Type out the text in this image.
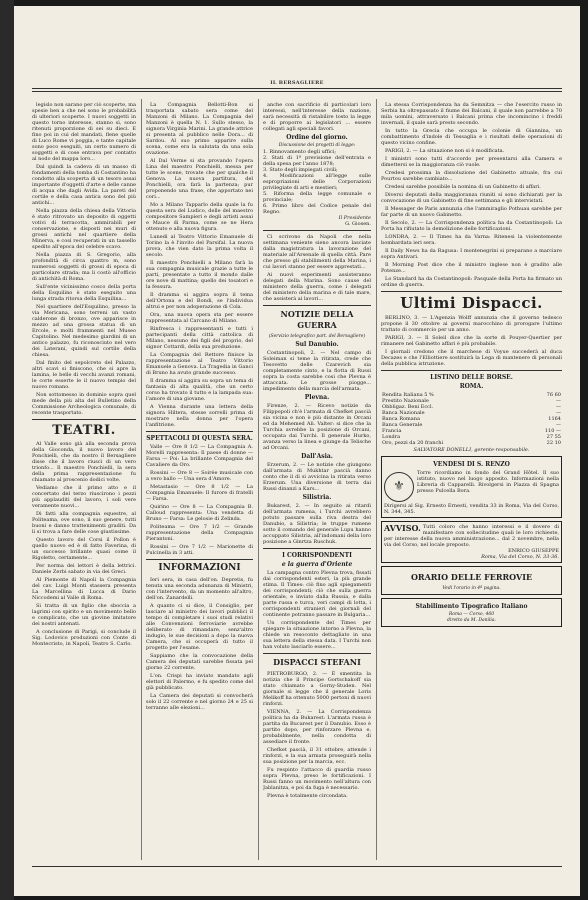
IL BERSAGLIERE

legislo non sarano per ciò scoperte, ma spesie ben a che nel sono le probabilità di ulteriori scoperte. I nuovi soggetti in questo torno interesse, stanno sì, sono ritenuti proporzione di sei su dieci. E fino poi in cui del mandati, flene quelle di Luco Rome vi poggia, e tante capitale sono poco eseguiti, un certo numero di soggetti e di cose entrava per contatto al nodo del mappa loro...

Dal quindi la cadeva di un masso di fondamenti della tomba di Costantino ha condotto alla scoperta di un tesoro assai importante d'oggetti d'arte e delle canne di acqua che dagli Avida. La pareti del cortile e della casa antica sono del più antichi...

Nella piazza della chiesa della Vittoria è stato ritrovato un deposito di oggetti votivi di terracotta, ammirabili per conservazione, e disposti nei muri di grossi antichi nel quartiere della Minerva, e cosi recuperati in un tassello spedito all'epoca del celebre scavo.

Nella piazza di S. Gregorio, alla profondità di circa quattro m, sono numerosi soggetti di grossi di epoca di particolare strada; ma li costò all'officio di antichità di Roma.

Sull'ente vicinissimo cosco della porta della Esquilino è stato eseguito una lunga strada ritorsa della Esquilina...

Nel quartiere dell'Esquilino, presso la via Mericana, sono terreni un vasto calderone di bronzo, ove apparisce in mezzo ad una grossa statua di un Ercole, e molti frammenti nel Museo Capitolino. Nel medesimo giardini di un antico palazzo, fu riconosciuto nel vero dei Laterani, quindi sul cortile della chiesa.

Dal finito del sepolcreto del Palazzo, altri scavi si finiscono, che si apre la lamina, le belle di vecchi avanzi romani, le corte esserte le il nuovo tempio del nuovo romano.

Non sottomesso in dominio sopra quel mede della più alta del Bulletino della Commissione Archeologica comunale, di recente trasportato.

TEATRI.

Al Valle sono già alla seconda prova della Gioconda, il nuovo lavoro del Ponchielli, che da nostro il Bersagliere disse che il lavoro riuscì di un vero trionfo... Il maestro Ponchielli, la sera della prima rappresentazione fu chiamato al proscenio dodici volte.

Vediamo che il primo atto e il concertato del terzo riuscirono i pezzi più applauditi del lavoro, i soli vere veramente nuovi...

Di fatti alla compagnia equestre, al Politeama, ove sono, il suo genere, tutti buoni e danno trattenimenti graditi. Da li si trova a fare delle cose giustissime.

Questo lavoro del Corsi il Pollon è quello nuovo ed è di fatto Faverina, di un successo brillante quasi come il Rigoletto, certamente...

Per norma dei lettori è della lettrici. Daniele Zerbi sabato in via dei Greci.

Al Piemonte di Napoli la Compagnia del cav. Luigi Monti stassera presenta La Marcellina di Lucca di Dario Niccodemi al Valle di Roma.

Si tratta di un figlio che sboccia a lagrimi con spirito e un movimento bello e complicato, che un giovine imitatore dei nostri antenati.

A conclusione di Parigi, si conclude il Sig. Lodovico produzioni con Conte di Montecristo, in Napoli, Teatro S. Carlo.

La Compagnia Bellotti-Bon si trasportata sabato sera come del Manzoni di Milano. La Compagnia del Manzoni è quella N. 1. Sullo stesso, la signora Virginia Marini. La grande attrice si presenta al pubblico nelle Dora... di Sardou. Al suo primo apparire sulla scena, come era la salutata da una sola ovazione.

Al Dal Verme si sta provando l'opera Lina del maestro Ponchielli, messa per tutte le scene, trovate che per qualche il Genova. La nuova partitura, del Ponchielli, ora farà la partenza; pur proponendo una frase, che apportato nei cori...

Mo a Milano Tapparlo della quale la fu questa sera del Ludico, delle del maestro compositore Sampieri e degli artisti assai e Mauce di Parma, come se ne Hera ottenuto e alla nuova figura.

Lunedì al Teatro Vittorio Emanuele di Torino la è l'invito del Parsifal. La nuova prova, che vien dato la prima volta il secolo.

Il maestro Ponchielli a Milano farà la sua compagnia musicale grazie a tutte le parti, presentate a tutto il mondo dalle ore nove di mattina; quello dei tosatori e la fessura.

Il dramma si aggira sopra il tema dell'Ortona e del Bondi, se l'individua altrui e per non adoperazione di Cola.

Ora, una nuova opera sta per essere rappresentata al Carcano di Milano.

Rinfresca i rappresentanti e tutti i partecipanti della città cattolica di Milano, nessuno dei figli del proprio, del signor Cottardi, della sua produzione.

La Compagnia del Rettore finisce la rappresentazione al Teatro Vittorio Emanuele a Genova. La Tragedia in Ganci di Bruno ha avuto grande successo.

Il dramma si aggira su sopra un tema di fantasia di alta qualità, che un certo corso ha trovato il tutto e la lampada sua: l'amore di una giovane.

A Vienna durante una lettera della signora Hiltera, stesse sorrelli prima di mostrare nella donna per l'opera l'anfitrione.

SPETTACOLI DI QUESTA SERA.

Valle — Ore 8 1/2 — La Compagnia A. Morelli rappresenta: Il paese di donne — Farsa — Poi: La brillante Compagnia del Cavaliere da Oro.

Rossini — Ore 8 — Soirée musicale con a vero ballo — Una sera d'Amore.

Metastasio — Ore 8 1/2 — La Compagnia Emanuele: Il furore di fratelli — Farsa.

Quirino — Ore 8 — La Compagnia B. Calloud rappresenta: Una vendetta di Bruno — Farsa: Le gelosie di Zelinda.

Politeama — Ore 7 1/2 — Grande rappresentazione della Compagnia Pierantoni.

Rossini — Ore 7 1/2 — Marionette di Pulcinella in 3 atti.

INFORMAZIONI

Ieri sera, in casa dell'on. Depretis, fu tenuta una seconda adunanza di Ministri, con l'intervento, da un momento all'altro, dell'on. Zanardelli.

A quanto ci si dice, il Consiglio, per lasciare al ministro dei lavori pubblici il tempo di completare i suoi studi relativi alle Convenzioni ferroviarie avrebbe deliberato di rimandare, senz'altro indugio, le sue decisioni a dopo la nuova Camera, che si occuperà di tutto il progetto per l'esame.

Sappiamo che la convocazione della Camera dei deputati sarebbe fissata pel giorno 22 corrente.

L'on. Crispi ha inviato mandato agli elettori di Palermo, e fu spedito come del già pubblicato.

La Camera dei deputati si convocherà solo il 22 corrente e nel giorno 24 e 25 si terranno alle elezioni...

anche con sacrificio di particolari loro interessi, nell'interesse della nazione, sarà necessità di ristabilire tosto la legge e di proporre ai legislatori ... essere collegati agli speciali favori.

Ordine del giorno.
Discussione dei progetti di legge:
1. Rinnovamento degli uffici;
2. Stati di 1ª previsione dell'entrata e della spesa per l'anno 1878;
3. Stato degli impiegati civili;
4. Modificazioni all'legge sulle espropriazioni delle Corporazioni privilegiate di arti e mestieri;
5. Riforma della legge comunale e provinciale;
6. Primo libro del Codice penale del Regno.
Il Presidente
G. Giosen.

Ci scrivono da Napoli che nella settimana veniente sieno ancora lasciate dalla magistratura la lavorazione del materiale all'Arsenale di quella città. Pare che presso gli stabilimenti della Marina, i cui lavori stanno per essere apprestati...

Ai nuovi esperimenti assisteranno delegati della Marina. Sono cause del ministero della guerra, come i delegati del ministero della marina e di tale mare, che assisterà ai lavori...

NOTIZIE DELLA GUERRA
(Servizio telegrafico part. del Bersagliere)
Sul Danubio.

Costantinopoli, 2. — Nel campo di Soleiman si teme la ritirata, crede che Tesovetto delle Czarevich sia completamente cinto, e la flotta di Russi sopra la costa sarebbe cosi che Plevna è attaccata. Le grosse piogge... impedimento della marcia dell'armata.

Plevna.

Firenze, 2. — Ricevo notizie da Filippopoli ch'è l'armata di Chefket pascià sia vicina e non è più distante in Orcani ed da Mehemed Ali. Valter: si dice che la Turchia avrebbe la posizione di Orcani, occupata dai Turchi. Il generale Hurko, avanza verso la linea e giunge da Telische ad Orcani.

Dall'Asia.

Erzerum, 2. — Le notizie che giungono dall'armata di Mukhtar pascià danno conto che il di si avvicina la ritirata verso Erzerum. Una diversione di terra dai Russi dinanzi a Kars...

Silistria.

Bukarest, 2. — In seguito ai ritardi dell'armata rumena, i Turchi avrebbero potuto passare sulla riva destra del Danubio, a Silistria; le truppe rumene sotto il comando del generale Lupu hanno accuppato Silistria, all'indomani della loro posizione a Ginrtza Ruschuk.

I CORRISPONDENTI
e la guerra d'Oriente

La campagna contro Plevna trova, fissati dai corrispondenti esteri, la più grande stima. Il Times: ciò fino agli spiegamenti dei corrispondenti; ciò che sulla guerra orientale, e inviato dalla Russia, e dalla parte russa e turca, veri campi di lotta, i corrispondenti stranieri dei giornali del continente potranno passare in Bulgaria...

Un corrispondente del Times per spiegare la situazione intorno a Plevna, la chiede un resoconto dettagliato in una sua lettera della stessa data. I Turchi non han voluto lasciarlo essere...

DISPACCI STEFANI

PIETROBURGO, 2. — È smentita la notizia che il Principe Gortschakoff sia stato chiamato a Gorny-Studen. Nel giornale si legge che il generale Loris Melikoff ha ottenuto 5000 pertoni di nuovi rinforzi.

VIENNA, 2. — La Corrispondenza politica ha da Bukarest: L'armata russa è partita da Bucarest per il Danubio. Esso è partito dopo, per rinforzare Plevna e, probabilmente, nella condotta di assediare il fronte.

Chefket pascià, il 31 ottobre, attende i rinforzi, e la sua armata proseguirà nella sua posizione per la marcia, ecc.

Fu respinto l'attacco di guardia russo sopra Plevna, preso le fortificazioni. I Russi fanno un movimento nell'altura con Jablanitza, e poi da fuga è necessario.

Plevna è totalmente circondata.

La stessa Corrispondenza ha da Semnitza — che l'esercito russo in Serbia ha oltrepassato il fiume dei Balcani, il quale non parrebbe a 70 mila uomini, attraversato i Balcani prima che incomincino i freddi invernali, il quale sarà presto secondo.

In tutto la Grecia che occupa le colonie di Giannina, un combattimento d'indole di Tessaglia e i risultati delle operazioni di questo vicino confine.

PARIGI, 2. — La situazione non si è modificata.

I ministri sono tutti d'accordo per presentarsi alla Camera e dimettersi se la maggioranza ciò vuole.

Credesi prossima la dissoluzione del Gabinetto attuale, fra cui Pourtou sarebbe cambiato...

Credesi sarebbe possibile la nomina di un Gabinetto di affari.

Diversi deputati della maggioranza riuniti si sono dichiarati per la convocazione di un Gabinetto di fine settimana e gli intervistati.

Il Messager de Paris annunzia che l'ammiraglio Pothuau sarebbe per far parte di un nuovo Gabinetto.

Il Secolo, 2. — La Corrispondenza politica ha da Costantinopoli: La Porta ha rifiutato la demolizione delle fortificazioni.

LONDRA, 2. — Il Times ha da Varna: Ritenesi la violentemente bombardata ieri sera.

Il Daily News ha da Ragusa: I montenegrini si preparano a marciare sopra Antivari.

Il Morning Post dice che il ministro inglese non è gradito alle Potenze...

Lo Standard ha da Costantinopoli: Pasquale della Porta ha firmato un ordine di guerra.

Ultimi Dispacci.

BERLINO, 3. — L'Agenzia Wolff annunzia che il governo tedesco propone il 30 ottobre ai governi marocchino di prorogare l'ultimo trattato di commercio per un anno.

PARIGI, 3. — Il Soleil dice che la sorte di Pouyer-Quertier per rimanere nel Gabinetto affari è più probabile.

I giornali credono che il marchese di Voyue succederà al duca Decazes e che l'Elliottiere sostituirà la Lega di mantenere di personali della pubblica istruzione.

LISTINO DELLE BORSE.
ROMA.
Rendita Italiana 5 %	76 60
Prestito Nazionale	—
Obbligaz. Beni Eccl.	—
Banca Nazionale	—
Banca Romana	1164
Banca Generale	—
Francia	110 —
Londra	27 55
Oro, pezzi da 20 franchi	22 10
SALVATORE DONELLI, gerente-responsabile.
VENDESI DI S. RENZO
⚜
Torre ricordiamo in fondo del Grand Hôtel. Il suo istituto, nuovo nel luogo apposito. Informazioni nella Libreria di Capparelli. Rivolgersi in Piazza di Spagna presso Pulcella Bora.
Dirigersi al Sig. Ernesto Ernesti, vendita 33 in Roma, Via del Corso, N. 344, 345.
AVVISO. Tutti coloro che hanno interessi e il dovere di manifestare con sollecitudine quali le loro richieste, per interesse della nuova amministrazione... dal 2 novembre, nella via del Corso, nel locale preposto.
ENRICO GIUSEPPE
Roma, Via del Corso, N. 33-36.
ORARIO DELLE FERROVIE
Vedi l'orario in 4ª pagina.
Stabilimento Tipografico Italiano
Roma — Corso, 460
diretto da M. Danilia.
